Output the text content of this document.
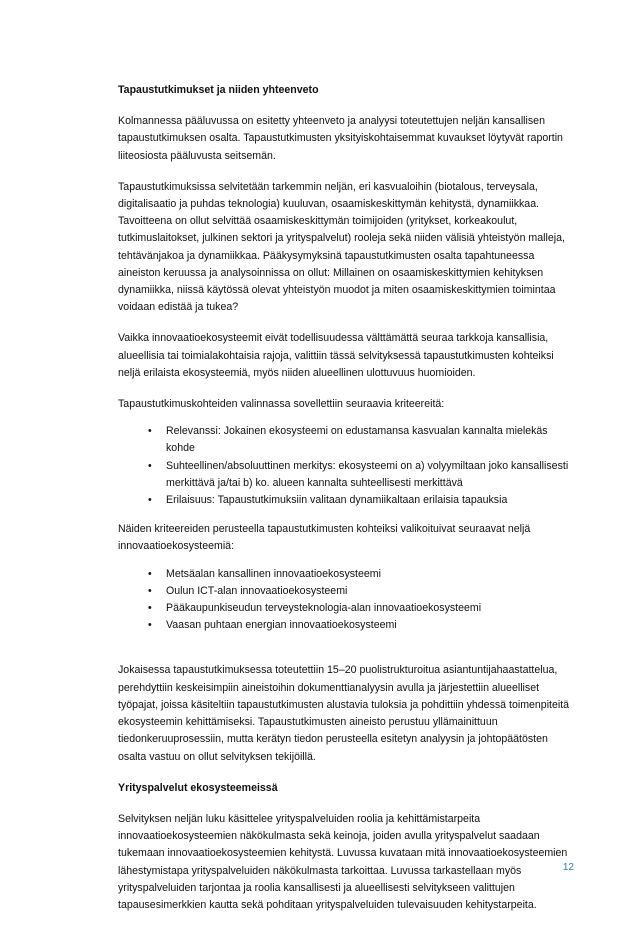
Tapaustutkimukset ja niiden yhteenveto

Kolmannessa pääluvussa on esitetty yhteenveto ja analyysi toteutettujen neljän kansallisen tapaustutkimuksen osalta. Tapaustutkimusten yksityiskohtaisemmat kuvaukset löytyvät raportin liiteosiosta pääluvusta seitsemän.

Tapaustutkimuksissa selvitetään tarkemmin neljän, eri kasvualoihin (biotalous, terveysala, digitalisaatio ja puhdas teknologia) kuuluvan, osaamiskeskittymän kehitystä, dynamiikkaa. Tavoitteena on ollut selvittää osaamiskeskittymän toimijoiden (yritykset, korkeakoulut, tutkimuslaitokset, julkinen sektori ja yrityspalvelut) rooleja sekä niiden välisiä yhteistyön malleja, tehtävänjakoa ja dynamiikkaa. Pääkysymyksinä tapaustutkimusten osalta tapahtuneessa aineiston keruussa ja analysoinnissa on ollut: Millainen on osaamiskeskittymien kehityksen dynamiikka, niissä käytössä olevat yhteistyön muodot ja miten osaamiskeskittymien toimintaa voidaan edistää ja tukea?

Vaikka innovaatioekosysteemit eivät todellisuudessa välttämättä seuraa tarkkoja kansallisia, alueellisia tai toimialakohtaisia rajoja, valittiin tässä selvityksessä tapaustutkimusten kohteiksi neljä erilaista ekosysteemiä, myös niiden alueellinen ulottuvuus huomioiden.

Tapaustutkimuskohteiden valinnassa sovellettiin seuraavia kriteereitä:

• Relevanssi: Jokainen ekosysteemi on edustamansa kasvualan kannalta mielekäs kohde
• Suhteellinen/absoluuttinen merkitys: ekosysteemi on a) volyymiltaan joko kansallisesti merkittävä ja/tai b) ko. alueen kannalta suhteellisesti merkittävä
• Erilaisuus: Tapaustutkimuksiin valitaan dynamiikaltaan erilaisia tapauksia

Näiden kriteereiden perusteella tapaustutkimusten kohteiksi valikoituivat seuraavat neljä innovaatioekosysteemiä:

• Metsäalan kansallinen innovaatioekosysteemi
• Oulun ICT-alan innovaatioekosysteemi
• Pääkaupunkiseudun terveysteknologia-alan innovaatioekosysteemi
• Vaasan puhtaan energian innovaatioekosysteemi

Jokaisessa tapaustutkimuksessa toteutettiin 15–20 puolistrukturoitua asiantuntijahaastattelua, perehdyttiin keskeisimpiin aineistoihin dokumenttianalyysin avulla ja järjestettiin alueelliset työpajat, joissa käsiteltiin tapaustutkimusten alustavia tuloksia ja pohdittiin yhdessä toimenpiteitä ekosysteemin kehittämiseksi. Tapaustutkimusten aineisto perustuu yllämainittuun tiedonkeruuprosessiin, mutta kerätyn tiedon perusteella esitetyn analyysin ja johtopäätösten osalta vastuu on ollut selvityksen tekijöillä.

Yrityspalvelut ekosysteemeissä

Selvityksen neljän luku käsittelee yrityspalveluiden roolia ja kehittämistarpeita innovaatioekosysteemien näkökulmasta sekä keinoja, joiden avulla yrityspalvelut saadaan tukemaan innovaatioekosysteemien kehitystä. Luvussa kuvataan mitä innovaatioekosysteemien lähestymistapa yrityspalveluiden näkökulmasta tarkoittaa. Luvussa tarkastellaan myös yrityspalveluiden tarjontaa ja roolia kansallisesti ja alueellisesti selvitykseen valittujen tapausesimerkkien kautta sekä pohditaan yrityspalveluiden tulevaisuuden kehitystarpeita.

12
